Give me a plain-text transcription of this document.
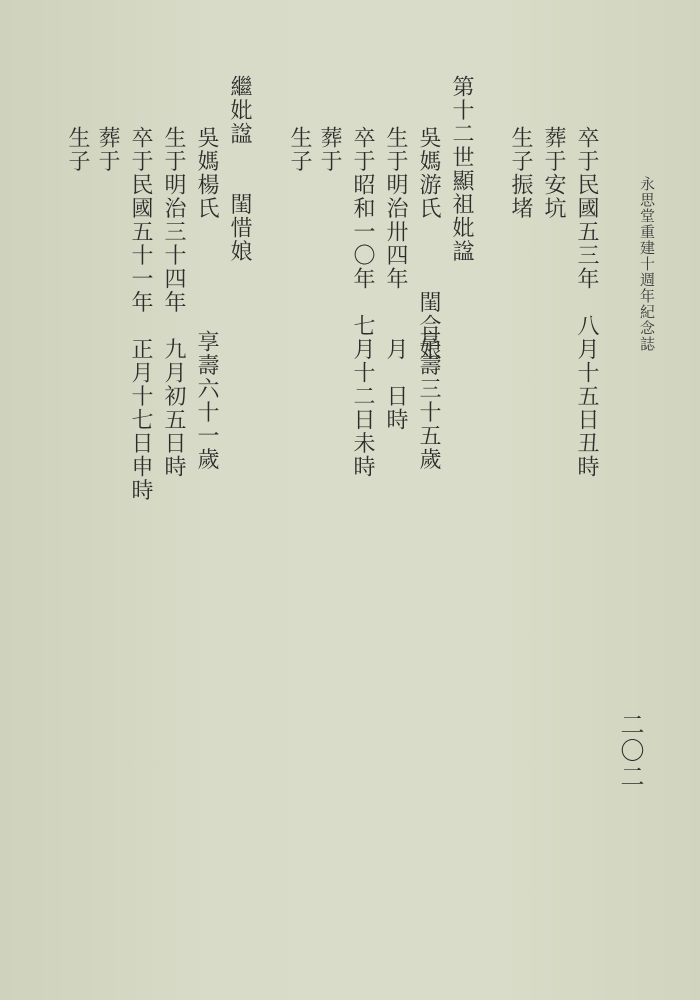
永思堂重建十週年紀念誌
卒于民國五三年　八月十五日丑時
葬于安坑
生子振堵
第十二世顯祖妣諡
吳媽游氏　　　閨合娘
生于明治卅四年　　月　日時 享壽三十五歲
卒于昭和一〇年　七月十二日未時
葬于
生子
繼妣諡　　閨惜娘
吳媽楊氏
享壽六十一歲
生于明治三十四年　九月初五日時
卒于民國五十一年　正月十七日申時
葬于
生子
二〇二
